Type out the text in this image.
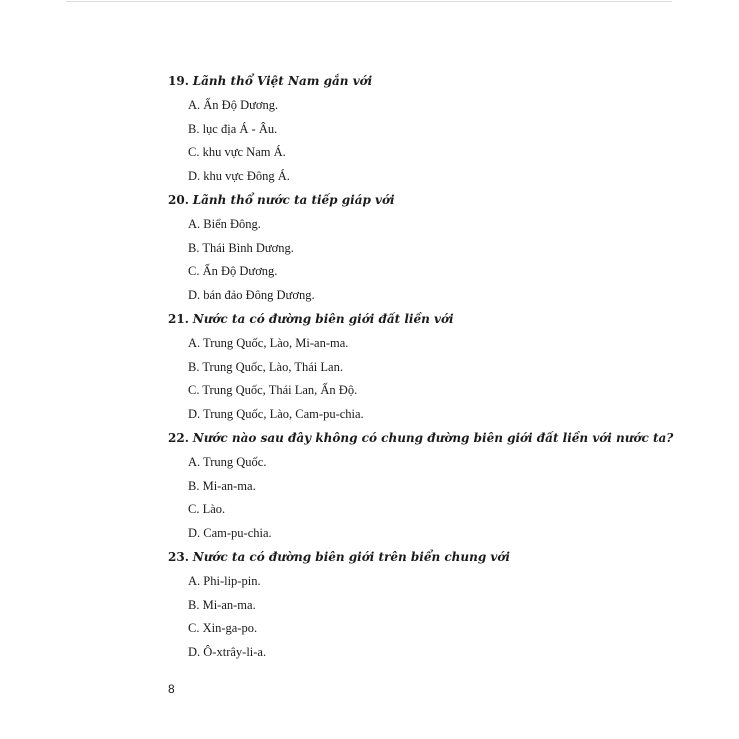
19. Lãnh thổ Việt Nam gắn với
A. Ấn Độ Dương.
B. lục địa Á - Âu.
C. khu vực Nam Á.
D. khu vực Đông Á.
20. Lãnh thổ nước ta tiếp giáp với
A. Biển Đông.
B. Thái Bình Dương.
C. Ấn Độ Dương.
D. bán đảo Đông Dương.
21. Nước ta có đường biên giới đất liền với
A. Trung Quốc, Lào, Mi-an-ma.
B. Trung Quốc, Lào, Thái Lan.
C. Trung Quốc, Thái Lan, Ấn Độ.
D. Trung Quốc, Lào, Cam-pu-chia.
22. Nước nào sau đây không có chung đường biên giới đất liền với nước ta?
A. Trung Quốc.
B. Mi-an-ma.
C. Lào.
D. Cam-pu-chia.
23. Nước ta có đường biên giới trên biển chung với
A. Phi-lip-pin.
B. Mi-an-ma.
C. Xin-ga-po.
D. Ô-xtrây-li-a.
8
